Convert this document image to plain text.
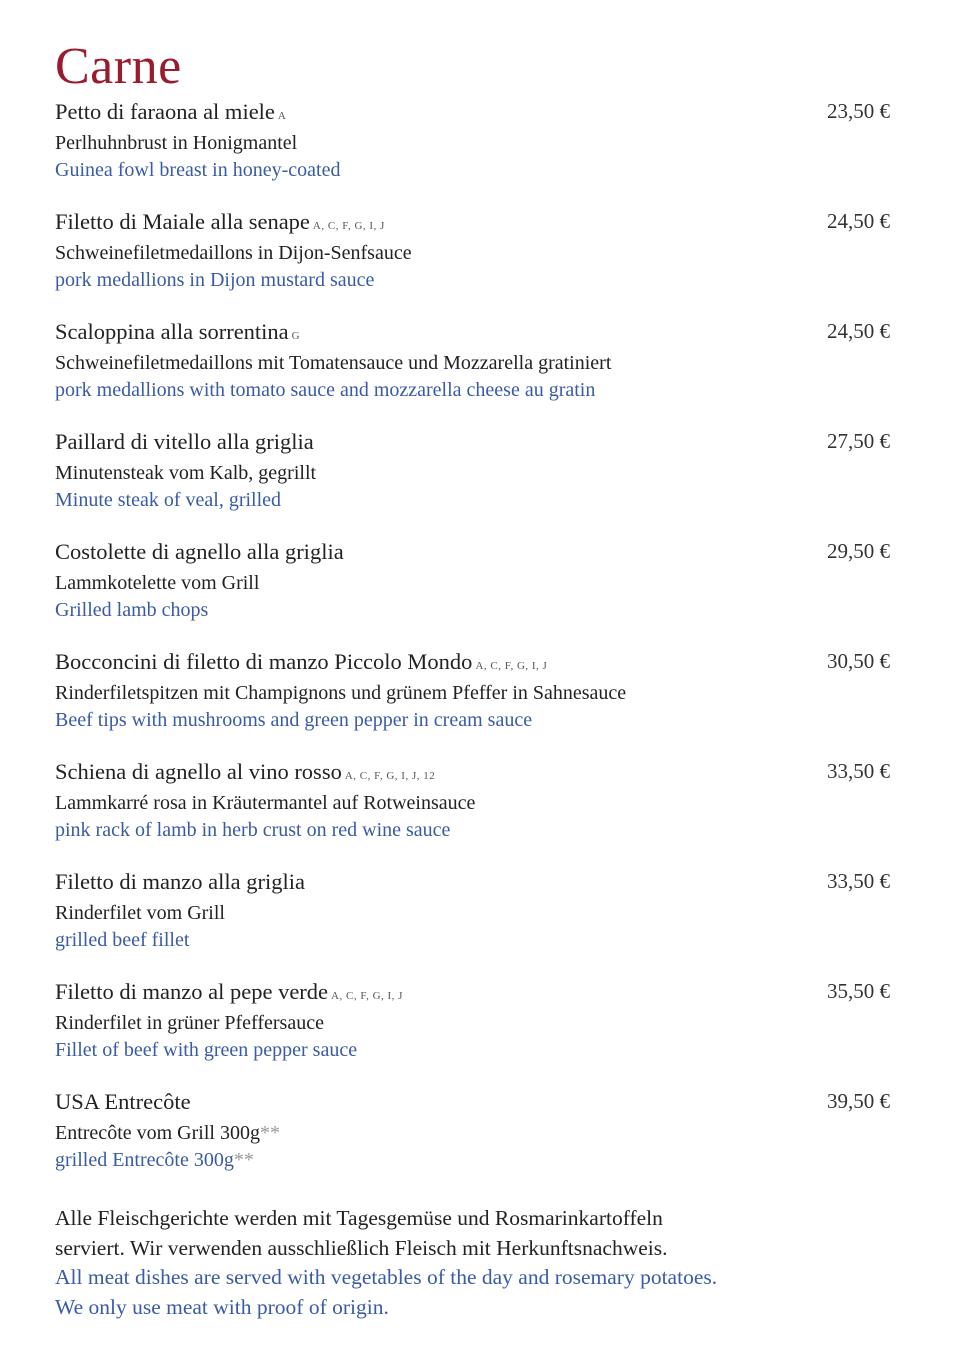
Carne
Petto di faraona al miele A
Perlhuhnbrust in Honigmantel
Guinea fowl breast in honey-coated
23,50 €
Filetto di Maiale alla senape A, C, F, G, I, J
Schweinefiletmedaillons in Dijon-Senfsauce
pork medallions in Dijon mustard sauce
24,50 €
Scaloppina alla sorrentina G
Schweinefiletmedaillons mit Tomatensauce und Mozzarella gratiniert
pork medallions with tomato sauce and mozzarella cheese au gratin
24,50 €
Paillard di vitello alla griglia
Minutensteak vom Kalb, gegrillt
Minute steak of veal, grilled
27,50 €
Costolette di agnello alla griglia
Lammkotelette vom Grill
Grilled lamb chops
29,50 €
Bocconcini di filetto di manzo Piccolo Mondo A, C, F, G, I, J
Rinderfiletspitzen mit Champignons und grünem Pfeffer in Sahnesauce
Beef tips with mushrooms and green pepper in cream sauce
30,50 €
Schiena di agnello al vino rosso A, C, F, G, I, J, 12
Lammkarré rosa in Kräutermantel auf Rotweinsauce
pink rack of lamb in herb crust on red wine sauce
33,50 €
Filetto di manzo alla griglia
Rinderfilet vom Grill
grilled beef fillet
33,50 €
Filetto di manzo al pepe verde A, C, F, G, I, J
Rinderfilet in grüner Pfeffersauce
Fillet of beef with green pepper sauce
35,50 €
USA Entrecôte
Entrecôte vom Grill 300g**
grilled Entrecôte 300g**
39,50 €
Alle Fleischgerichte werden mit Tagesgemüse und Rosmarinkartoffeln
serviert. Wir verwenden ausschließlich Fleisch mit Herkunftsnachweis.
All meat dishes are served with vegetables of the day and rosemary potatoes.
We only use meat with proof of origin.
